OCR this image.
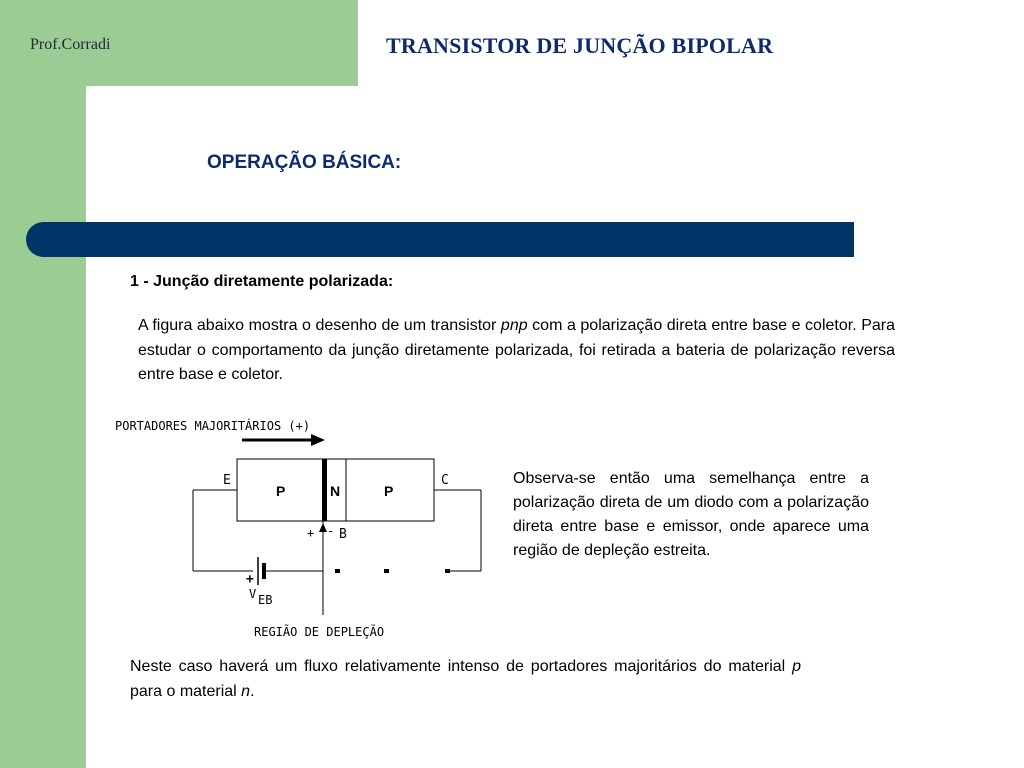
Prof.Corradi	TRANSISTOR DE JUNÇÃO BIPOLAR
OPERAÇÃO BÁSICA:
1 - Junção diretamente polarizada:
A figura abaixo mostra o desenho de um transistor pnp com a polarização direta entre base e coletor. Para estudar o comportamento da junção diretamente polarizada, foi retirada a bateria de polarização reversa entre base e coletor.
PORTADORES MAJORITÁRIOS (+)
P	N	P
E	C
+ - B
+
V EB
REGIÃO DE DEPLEÇÃO
Observa-se então uma semelhança entre a polarização direta de um diodo com a polarização direta entre base e emissor, onde aparece uma região de depleção estreita.
Neste caso haverá um fluxo relativamente intenso de portadores majoritários do material p para o material n.
